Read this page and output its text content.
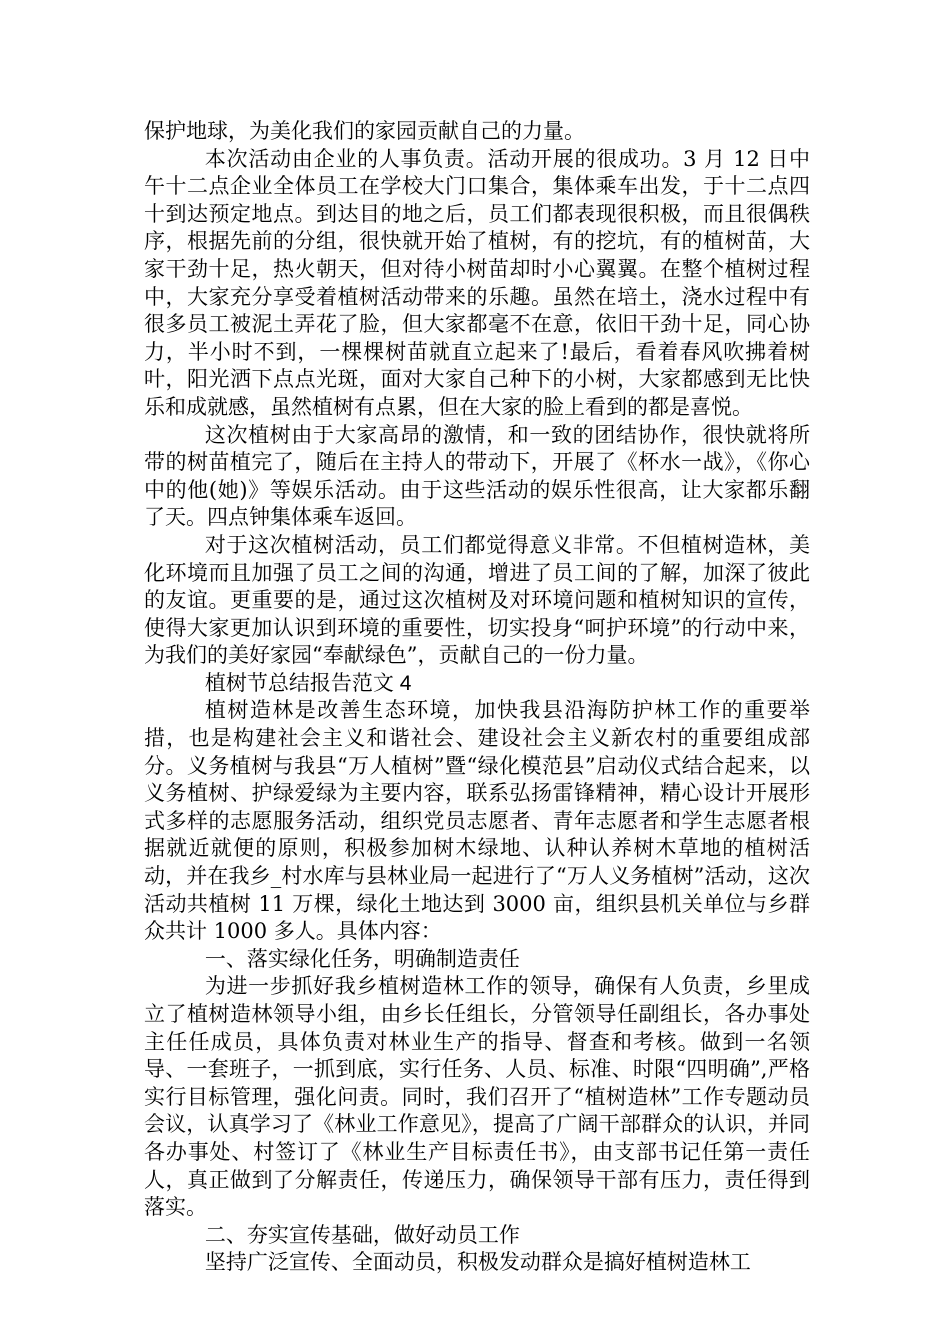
保护地球，为美化我们的家园贡献自己的力量。

本次活动由企业的人事负责。活动开展的很成功。3 月 12 日中午十二点企业全体员工在学校大门口集合，集体乘车出发，于十二点四十到达预定地点。到达目的地之后，员工们都表现很积极，而且很偶秩序，根据先前的分组，很快就开始了植树，有的挖坑，有的植树苗，大家干劲十足，热火朝天，但对待小树苗却时小心翼翼。在整个植树过程中，大家充分享受着植树活动带来的乐趣。虽然在培土，浇水过程中有很多员工被泥土弄花了脸，但大家都毫不在意，依旧干劲十足，同心协力，半小时不到，一棵棵树苗就直立起来了!最后，看着春风吹拂着树叶，阳光洒下点点光斑，面对大家自己种下的小树，大家都感到无比快乐和成就感，虽然植树有点累，但在大家的脸上看到的都是喜悦。

这次植树由于大家高昂的激情，和一致的团结协作，很快就将所带的树苗植完了，随后在主持人的带动下，开展了《杯水一战》，《你心中的他(她)》等娱乐活动。由于这些活动的娱乐性很高，让大家都乐翻了天。四点钟集体乘车返回。

对于这次植树活动，员工们都觉得意义非常。不但植树造林，美化环境而且加强了员工之间的沟通，增进了员工间的了解，加深了彼此的友谊。更重要的是，通过这次植树及对环境问题和植树知识的宣传，使得大家更加认识到环境的重要性，切实投身“呵护环境”的行动中来，为我们的美好家园“奉献绿色”，贡献自己的一份力量。

植树节总结报告范文 4

植树造林是改善生态环境，加快我县沿海防护林工作的重要举措，也是构建社会主义和谐社会、建设社会主义新农村的重要组成部分。义务植树与我县“万人植树”暨“绿化模范县”启动仪式结合起来，以义务植树、护绿爱绿为主要内容，联系弘扬雷锋精神，精心设计开展形式多样的志愿服务活动，组织党员志愿者、青年志愿者和学生志愿者根据就近就便的原则，积极参加树木绿地、认种认养树木草地的植树活动，并在我乡_村水库与县林业局一起进行了“万人义务植树”活动，这次活动共植树 11 万棵，绿化土地达到 3000 亩，组织县机关单位与乡群众共计 1000 多人。具体内容：

一、落实绿化任务，明确制造责任

为进一步抓好我乡植树造林工作的领导，确保有人负责，乡里成立了植树造林领导小组，由乡长任组长，分管领导任副组长，各办事处主任任成员，具体负责对林业生产的指导、督查和考核。做到一名领导、一套班子，一抓到底，实行任务、人员、标准、时限“四明确”,严格实行目标管理，强化问责。同时，我们召开了“植树造林”工作专题动员会议，认真学习了《林业工作意见》，提高了广阔干部群众的认识，并同各办事处、村签订了《林业生产目标责任书》，由支部书记任第一责任人，真正做到了分解责任，传递压力，确保领导干部有压力，责任得到落实。

二、夯实宣传基础，做好动员工作

坚持广泛宣传、全面动员，积极发动群众是搞好植树造林工
